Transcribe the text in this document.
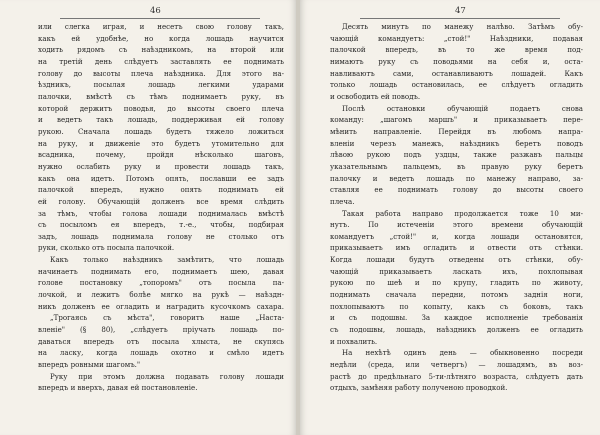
46
или слегка играя, и несетъ свою голову такъ,
какъ ей удобнѣе, но когда лошадь научится
ходить рядомъ съ наѣздникомъ, на второй или
на третій день слѣдуетъ заставлять ее поднимать
голову до высоты плеча наѣздника. Для этого на-
ѣздникъ, посылая лошадь легкими ударами
палочки, вмѣстѣ съ тѣмъ поднимаетъ руку, въ
которой держитъ поводья, до высоты своего плеча
и ведетъ такъ лошадь, поддерживая ей голову
рукою. Сначала лошадь будетъ тяжело ложиться
на руку, и движеніе это будетъ утомительно для
всадника, почему, пройдя нѣсколько шаговъ,
нужно ослабить руку и провести лошадь такъ,
какъ она идетъ. Потомъ опять, пославши ее задъ
палочкой впередъ, нужно опять поднимать ей
ей голову. Обучающій долженъ все время слѣдить
за тѣмъ, чтобы голова лошади поднималась вмѣстѣ
съ посыломъ ея впередъ, т.-е., чтобы, подбирая
задъ, лошадь поднимала голову не столько отъ
руки, сколько отъ посыла палочкой.
Какъ только наѣздникъ замѣтитъ, что лошадь
начинаетъ поднимать его, поднимаетъ шею, давая
голове постановку „топоромъ" отъ посыла па-
лочкой, и лежитъ болѣе мягко на рукѣ — наѣздн-
никъ долженъ ее огладить и наградить кусочкомъ сахара.
„Трогаясь съ мѣста", говоритъ наше „Наста-
вленіе" (§ 80), „слѣдуетъ пріучать лошадь по-
даваться впередъ отъ посыла хлыста, не скупясь
на ласку, когда лошадь охотно и смѣло идетъ
впередъ ровными шагомъ."
Руку при этомъ должна подавать голову лошади
впередъ и вверхъ, давая ей постановленіе.
47
Десять минутъ по манежу налѣво. Затѣмъ обу-
чающій командуетъ: „стой!" Наѣздники, подавая
палочкой впередъ, въ то же время под-
нимаютъ руку съ поводьями на себя и, оста-
навливаютъ сами, останавливаютъ лошадей. Какъ
только лошадь остановилась, ее слѣдуетъ огладить
и освободить ей поводъ.
Послѣ остановки обучающій подаетъ снова
команду: „шагомъ маршъ" и приказываетъ пере-
мѣнить направленіе. Перейдя въ любомъ напра-
вленіи черезъ манежъ, наѣздникъ беретъ поводъ
лѣвою рукою подъ уздцы, также разжавъ пальцы
указательнымъ пальцемъ, въ правую руку беретъ
палочку и ведетъ лошадь по манежу направо, за-
ставляя ее поднимать голову до высоты своего
плеча.
Такая работа направо продолжается тоже 10 ми-
нутъ. По истеченіи этого времени обучающій
командуетъ „стой!" и, когда лошади остановятся,
приказываетъ имъ огладить и отвести отъ стѣнки.
Когда лошади будутъ отведены отъ стѣнки, обу-
чающій приказываетъ ласкать ихъ, похлопывая
рукою по шеѣ и по крупу, гладить по животу,
поднимать сначала передни, потомъ заднія ноги,
похлопываютъ по копыту, какъ съ боковъ, такъ
и съ подошвы. За каждое исполненіе требованія
съ подошвы, лошадь, наѣздникъ долженъ ее огладить
и похвалить.
На нехѣтѣ одинъ день — обыкновенно посреди
недѣли (среда, или четвергъ) — лошадямъ, въ воз-
растѣ до предѣльнаго 5-ти-лѣтняго возраста, слѣдуетъ дать
отдыхъ, замѣняя работу полученою проводкой.
